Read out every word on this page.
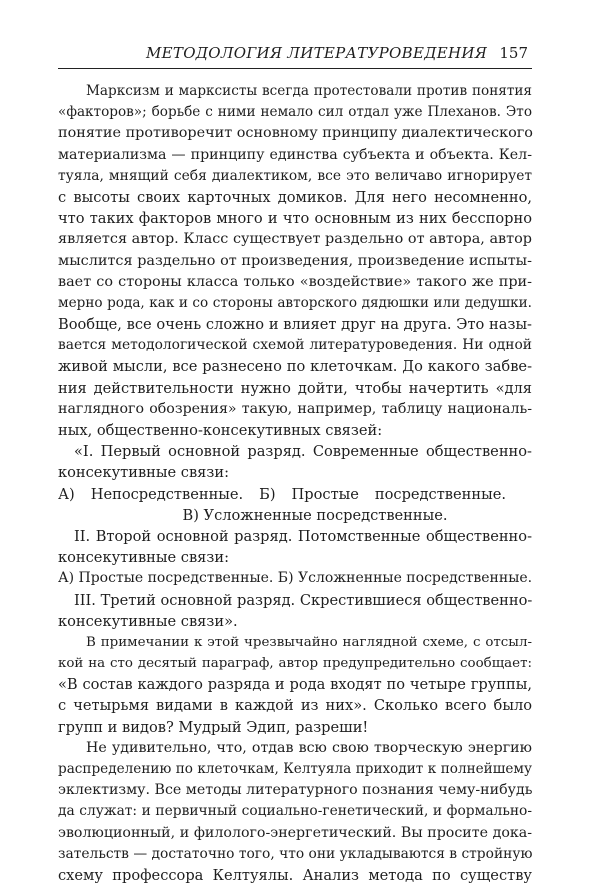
МЕТОДОЛОГИЯ ЛИТЕРАТУРОВЕДЕНИЯ 157
Марксизм и марксисты всегда протестовали против понятия
«факторов»; борьбе с ними немало сил отдал уже Плеханов. Это
понятие противоречит основному принципу диалектического
материализма — принципу единства субъекта и объекта. Кел-
туяла, мнящий себя диалектиком, все это величаво игнорирует
с высоты своих карточных домиков. Для него несомненно,
что таких факторов много и что основным из них бесспорно
является автор. Класс существует раздельно от автора, автор
мыслится раздельно от произведения, произведение испыты-
вает со стороны класса только «воздействие» такого же при-
мерно рода, как и со стороны авторского дядюшки или дедушки.
Вообще, все очень сложно и влияет друг на друга. Это назы-
вается методологической схемой литературоведения. Ни одной
живой мысли, все разнесено по клеточкам. До какого забве-
ния действительности нужно дойти, чтобы начертить «для
наглядного обозрения» такую, например, таблицу националь-
ных, общественно-консекутивных связей:
«I. Первый основной разряд. Современные общественно-
консекутивные связи:
А) Непосредственные. Б) Простые посредственные.
В) Усложненные посредственные.
II. Второй основной разряд. Потомственные общественно-
консекутивные связи:
А) Простые посредственные. Б) Усложненные посредственные.
III. Третий основной разряд. Скрестившиеся общественно-
консекутивные связи».
В примечании к этой чрезвычайно наглядной схеме, с отсыл-
кой на сто десятый параграф, автор предупредительно сообщает:
«В состав каждого разряда и рода входят по четыре группы,
с четырьмя видами в каждой из них». Сколько всего было
групп и видов? Мудрый Эдип, разреши!
Не удивительно, что, отдав всю свою творческую энергию
распределению по клеточкам, Келтуяла приходит к полнейшему
эклектизму. Все методы литературного познания чему-нибудь
да служат: и первичный социально-генетический, и формально-
эволюционный, и филолого-энергетический. Вы просите дока-
зательств — достаточно того, что они укладываются в стройную
схему профессора Келтуялы. Анализ метода по существу
